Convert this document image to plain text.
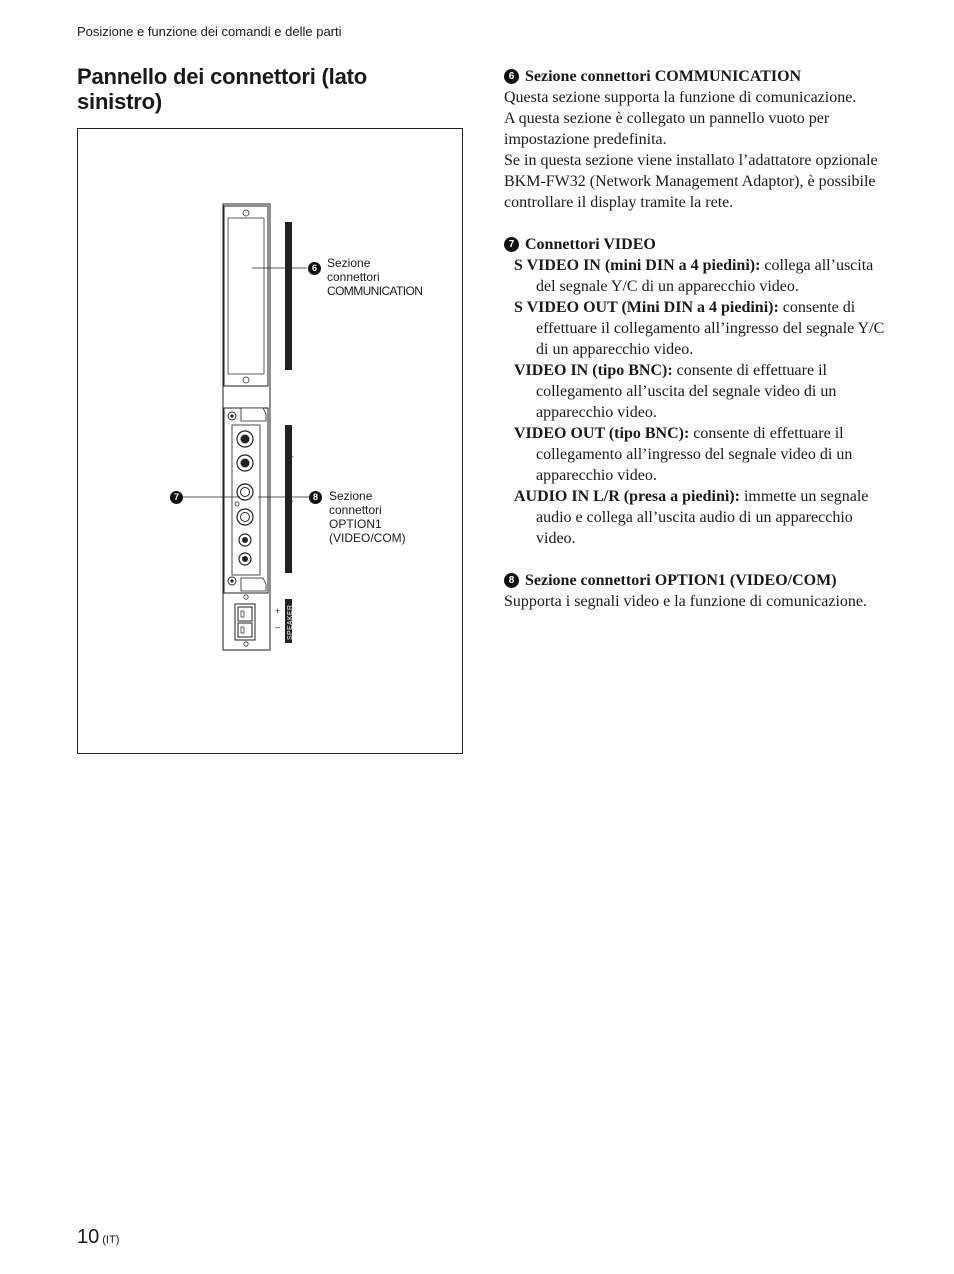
Posizione e funzione dei comandi e delle parti
Pannello dei connettori (lato sinistro)
COMMUNICATION
OPTION 1 (VIDEO/COM)
SPEAKER
+
–
6 Sezione
connettori
COMMUNICATION
7	8 Sezione
connettori
OPTION1
(VIDEO/COM)
6 Sezione connettori COMMUNICATION

Questa sezione supporta la funzione di comunicazione.

A questa sezione è collegato un pannello vuoto per impostazione predefinita.

Se in questa sezione viene installato l’adattatore opzionale BKM-FW32 (Network Management Adaptor), è possibile controllare il display tramite la rete.

7 Connettori VIDEO

S VIDEO IN (mini DIN a 4 piedini): collega all’uscita del segnale Y/C di un apparecchio video.

S VIDEO OUT (Mini DIN a 4 piedini): consente di effettuare il collegamento all’ingresso del segnale Y/C di un apparecchio video.

VIDEO IN (tipo BNC): consente di effettuare il collegamento all’uscita del segnale video di un apparecchio video.

VIDEO OUT (tipo BNC): consente di effettuare il collegamento all’ingresso del segnale video di un apparecchio video.

AUDIO IN L/R (presa a piedini): immette un segnale audio e collega all’uscita audio di un apparecchio video.

8 Sezione connettori OPTION1 (VIDEO/COM)

Supporta i segnali video e la funzione di comunicazione.

10 (IT)
